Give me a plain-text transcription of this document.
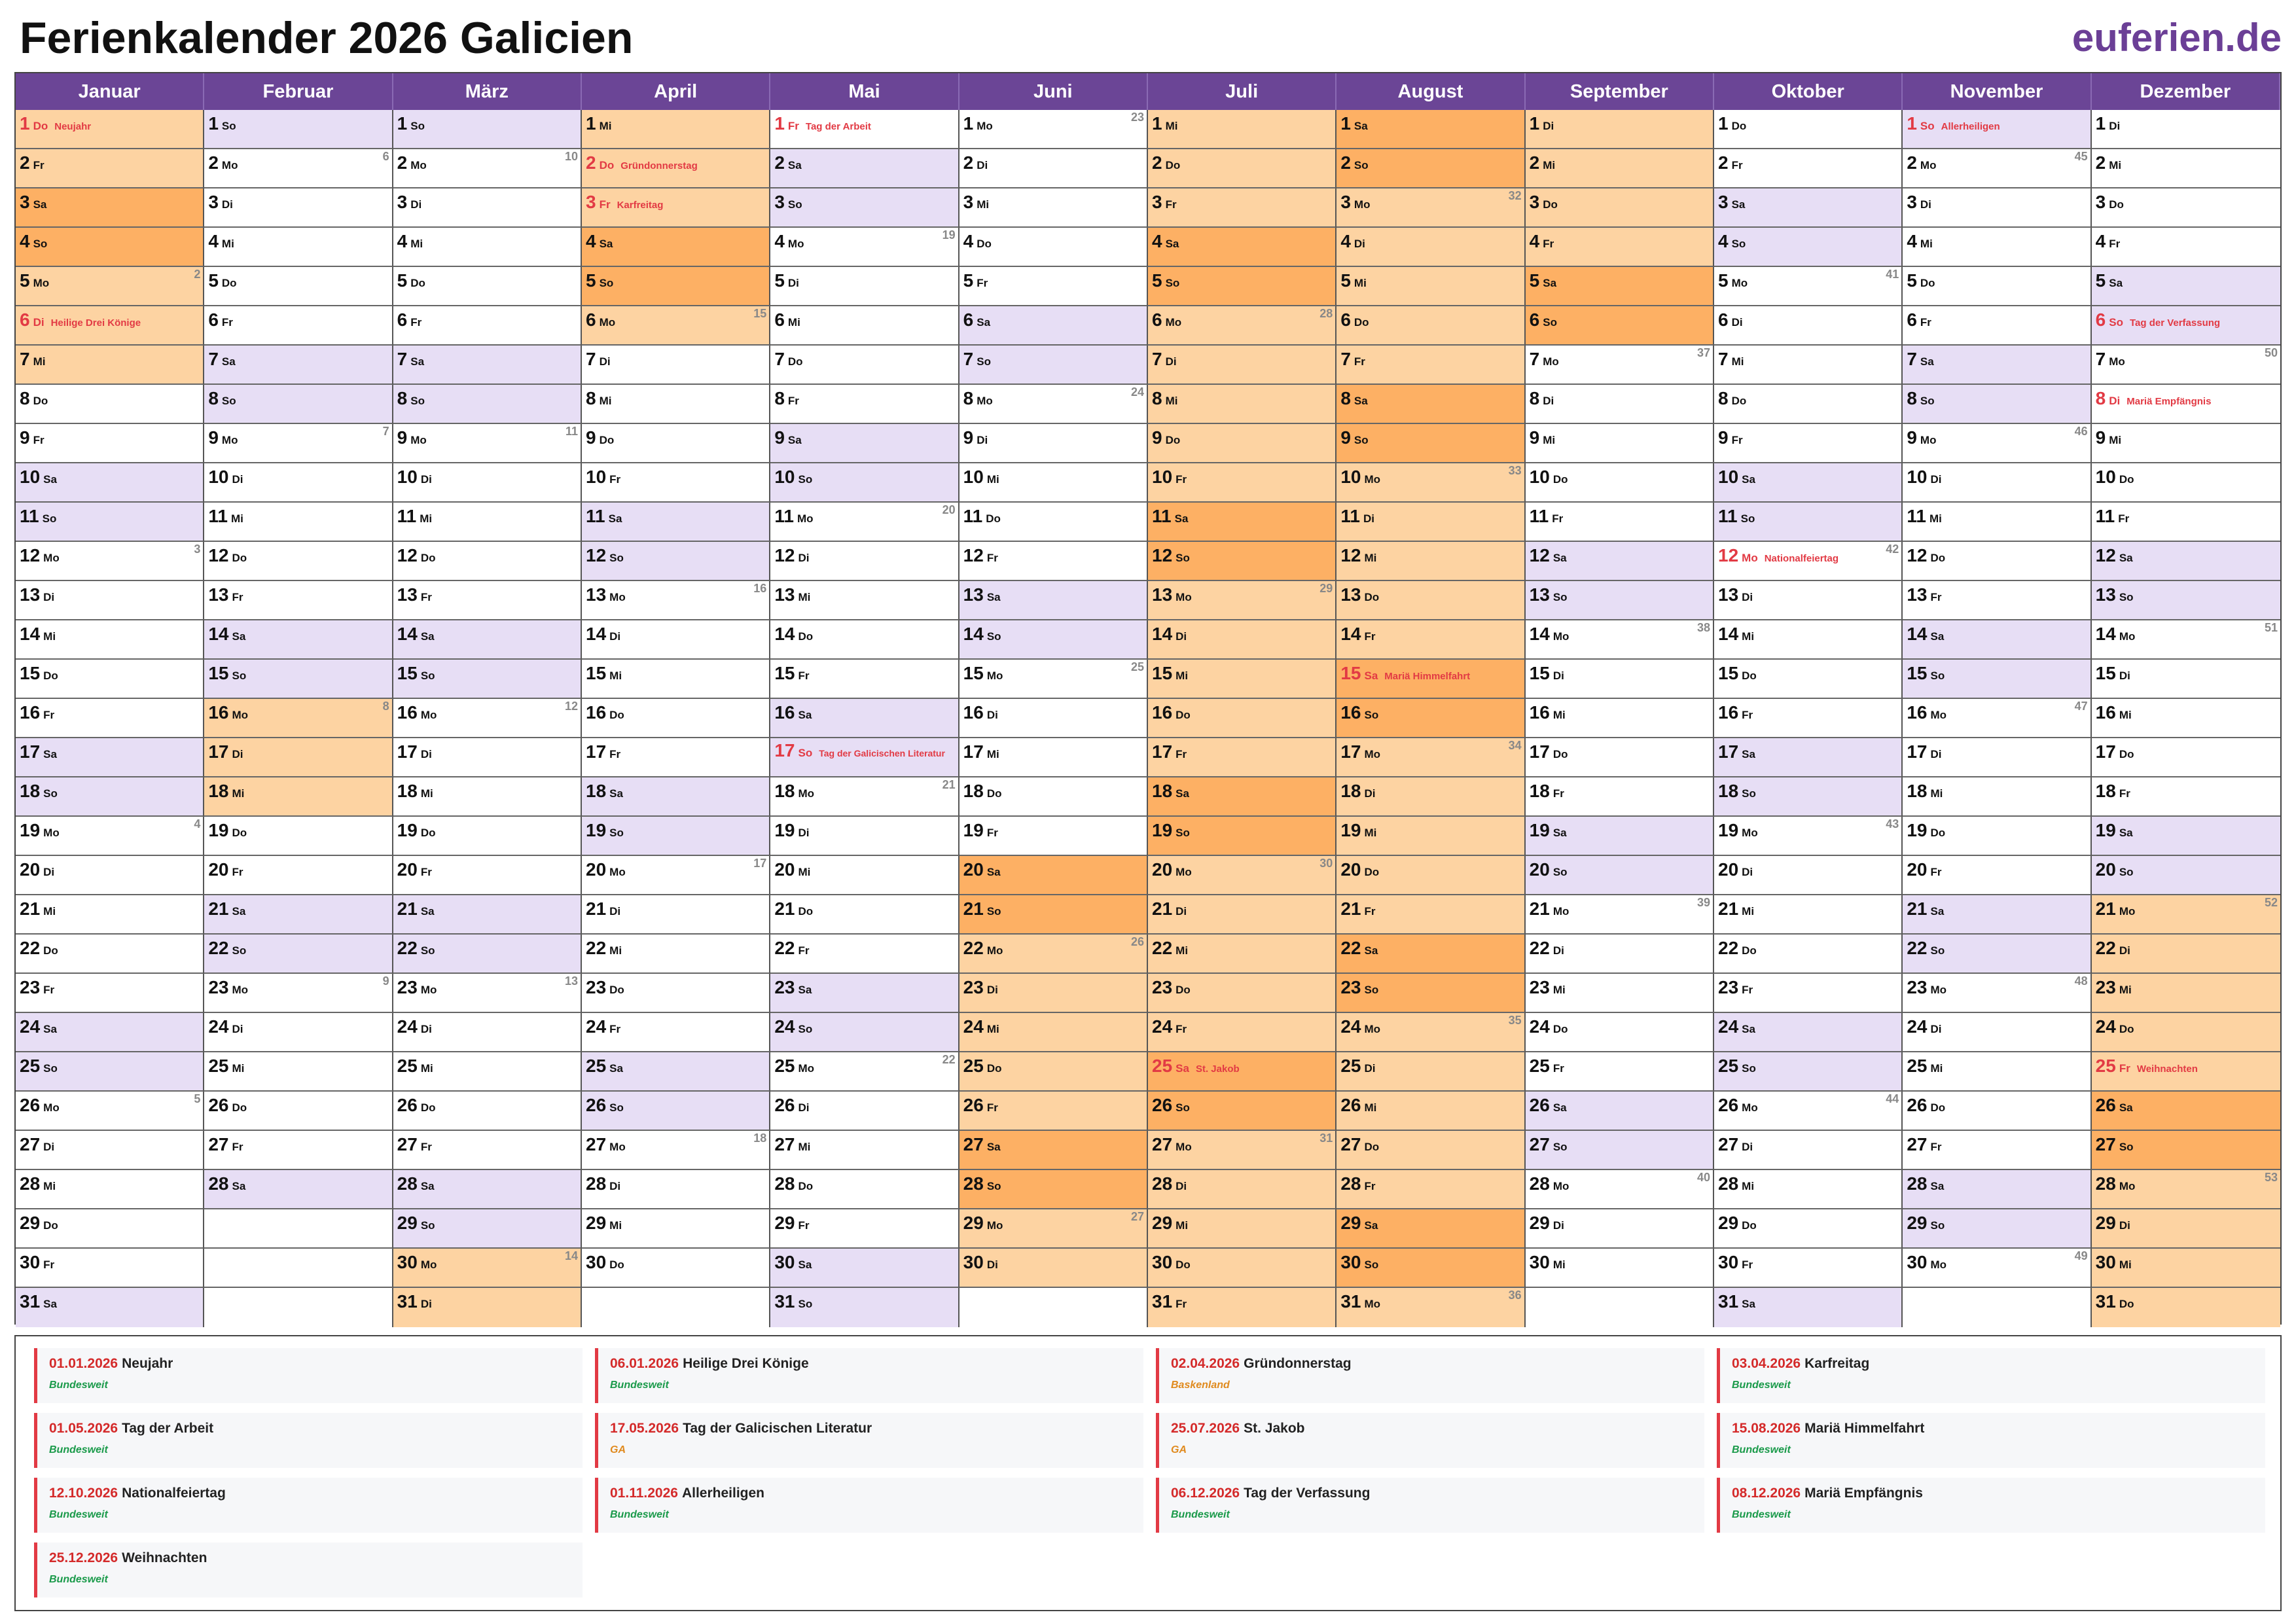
Ferienkalender 2026 Galicien	euferien.de
Januar
1 Do Neujahr
2 Fr
3 Sa
4 So
5 Mo
2
6 Di Heilige Drei Könige
7 Mi
8 Do
9 Fr
10 Sa
11 So
12 Mo
3
13 Di
14 Mi
15 Do
16 Fr
17 Sa
18 So
19 Mo
4
20 Di
21 Mi
22 Do
23 Fr
24 Sa
25 So
26 Mo
5
27 Di
28 Mi
29 Do
30 Fr
31 Sa
Februar
1 So
2 Mo
6
3 Di
4 Mi
5 Do
6 Fr
7 Sa
8 So
9 Mo
7
10 Di
11 Mi
12 Do
13 Fr
14 Sa
15 So
16 Mo
8
17 Di
18 Mi
19 Do
20 Fr
21 Sa
22 So
23 Mo
9
24 Di
25 Mi
26 Do
27 Fr
28 Sa
März
1 So
2 Mo
10
3 Di
4 Mi
5 Do
6 Fr
7 Sa
8 So
9 Mo
11
10 Di
11 Mi
12 Do
13 Fr
14 Sa
15 So
16 Mo
12
17 Di
18 Mi
19 Do
20 Fr
21 Sa
22 So
23 Mo
13
24 Di
25 Mi
26 Do
27 Fr
28 Sa
29 So
30 Mo
14
31 Di
April
1 Mi
2 Do Gründonnerstag
3 Fr Karfreitag
4 Sa
5 So
6 Mo
15
7 Di
8 Mi
9 Do
10 Fr
11 Sa
12 So
13 Mo
16
14 Di
15 Mi
16 Do
17 Fr
18 Sa
19 So
20 Mo
17
21 Di
22 Mi
23 Do
24 Fr
25 Sa
26 So
27 Mo
18
28 Di
29 Mi
30 Do
Mai
1 Fr Tag der Arbeit
2 Sa
3 So
4 Mo
19
5 Di
6 Mi
7 Do
8 Fr
9 Sa
10 So
11 Mo
20
12 Di
13 Mi
14 Do
15 Fr
16 Sa
17 So Tag der Galicischen Literatur
18 Mo
21
19 Di
20 Mi
21 Do
22 Fr
23 Sa
24 So
25 Mo
22
26 Di
27 Mi
28 Do
29 Fr
30 Sa
31 So
Juni
1 Mo
23
2 Di
3 Mi
4 Do
5 Fr
6 Sa
7 So
8 Mo
24
9 Di
10 Mi
11 Do
12 Fr
13 Sa
14 So
15 Mo
25
16 Di
17 Mi
18 Do
19 Fr
20 Sa
21 So
22 Mo
26
23 Di
24 Mi
25 Do
26 Fr
27 Sa
28 So
29 Mo
27
30 Di
Juli
1 Mi
2 Do
3 Fr
4 Sa
5 So
6 Mo
28
7 Di
8 Mi
9 Do
10 Fr
11 Sa
12 So
13 Mo
29
14 Di
15 Mi
16 Do
17 Fr
18 Sa
19 So
20 Mo
30
21 Di
22 Mi
23 Do
24 Fr
25 Sa St. Jakob
26 So
27 Mo
31
28 Di
29 Mi
30 Do
31 Fr
August
1 Sa
2 So
3 Mo
32
4 Di
5 Mi
6 Do
7 Fr
8 Sa
9 So
10 Mo
33
11 Di
12 Mi
13 Do
14 Fr
15 Sa Mariä Himmelfahrt
16 So
17 Mo
34
18 Di
19 Mi
20 Do
21 Fr
22 Sa
23 So
24 Mo
35
25 Di
26 Mi
27 Do
28 Fr
29 Sa
30 So
31 Mo
36
September
1 Di
2 Mi
3 Do
4 Fr
5 Sa
6 So
7 Mo
37
8 Di
9 Mi
10 Do
11 Fr
12 Sa
13 So
14 Mo
38
15 Di
16 Mi
17 Do
18 Fr
19 Sa
20 So
21 Mo
39
22 Di
23 Mi
24 Do
25 Fr
26 Sa
27 So
28 Mo
40
29 Di
30 Mi
Oktober
1 Do
2 Fr
3 Sa
4 So
5 Mo
41
6 Di
7 Mi
8 Do
9 Fr
10 Sa
11 So
12 Mo Nationalfeiertag
42
13 Di
14 Mi
15 Do
16 Fr
17 Sa
18 So
19 Mo
43
20 Di
21 Mi
22 Do
23 Fr
24 Sa
25 So
26 Mo
44
27 Di
28 Mi
29 Do
30 Fr
31 Sa
November
1 So Allerheiligen
2 Mo
45
3 Di
4 Mi
5 Do
6 Fr
7 Sa
8 So
9 Mo
46
10 Di
11 Mi
12 Do
13 Fr
14 Sa
15 So
16 Mo
47
17 Di
18 Mi
19 Do
20 Fr
21 Sa
22 So
23 Mo
48
24 Di
25 Mi
26 Do
27 Fr
28 Sa
29 So
30 Mo
49
Dezember
1 Di
2 Mi
3 Do
4 Fr
5 Sa
6 So Tag der Verfassung
7 Mo
50
8 Di Mariä Empfängnis
9 Mi
10 Do
11 Fr
12 Sa
13 So
14 Mo
51
15 Di
16 Mi
17 Do
18 Fr
19 Sa
20 So
21 Mo
52
22 Di
23 Mi
24 Do
25 Fr Weihnachten
26 Sa
27 So
28 Mo
53
29 Di
30 Mi
31 Do
01.01.2026 Neujahr
Bundesweit
06.01.2026 Heilige Drei Könige
Bundesweit
02.04.2026 Gründonnerstag
Baskenland
03.04.2026 Karfreitag
Bundesweit
01.05.2026 Tag der Arbeit
Bundesweit
17.05.2026 Tag der Galicischen Literatur
GA
25.07.2026 St. Jakob
GA
15.08.2026 Mariä Himmelfahrt
Bundesweit
12.10.2026 Nationalfeiertag
Bundesweit
01.11.2026 Allerheiligen
Bundesweit
06.12.2026 Tag der Verfassung
Bundesweit
08.12.2026 Mariä Empfängnis
Bundesweit
25.12.2026 Weihnachten
Bundesweit
